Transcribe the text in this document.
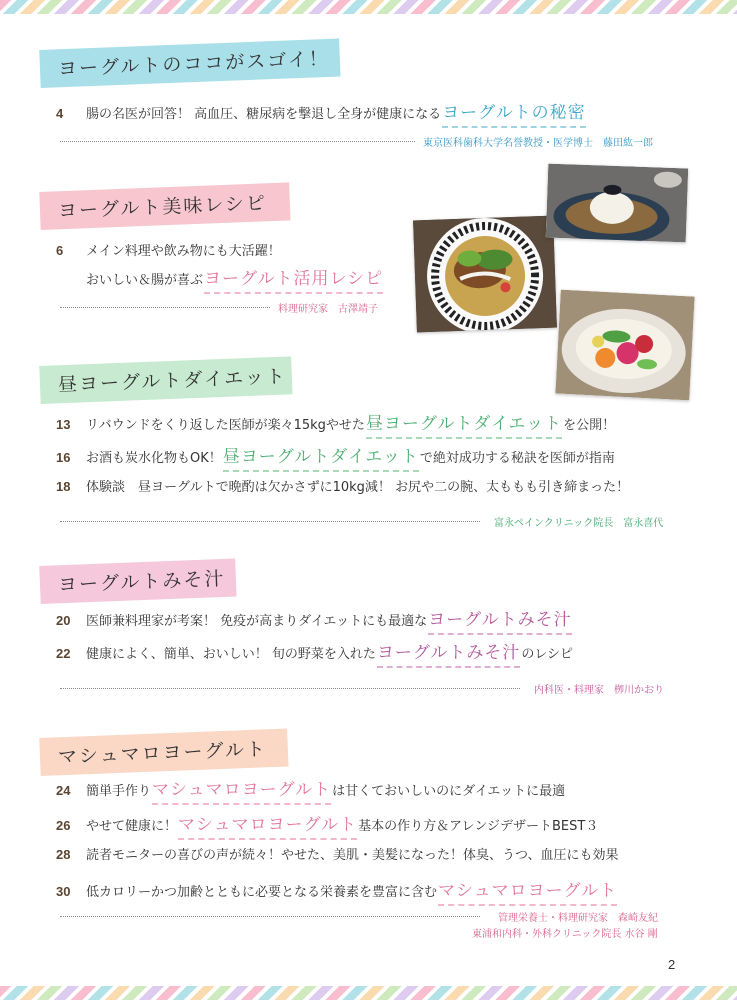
ヨーグルトのココがスゴイ！
4	腸の名医が回答！ 高血圧、糖尿病を撃退し全身が健康になる ヨーグルトの秘密
東京医科歯科大学名誉教授・医学博士　藤田紘一郎
ヨーグルト美味レシピ
6	メイン料理や飲み物にも大活躍！
おいしい＆腸が喜ぶ ヨーグルト活用レシピ
料理研究家　古澤靖子
昼ヨーグルトダイエット
13	リバウンドをくり返した医師が楽々15kgやせた 昼ヨーグルトダイエット を公開！
16	お酒も炭水化物もOK！ 昼ヨーグルトダイエット で絶対成功する秘訣を医師が指南
18	体験談　昼ヨーグルトで晩酌は欠かさずに10kg減！ お尻や二の腕、太ももも引き締まった！
富永ペインクリニック院長　富永喜代
ヨーグルトみそ汁
20	医師兼料理家が考案！ 免疫が高まりダイエットにも最適な ヨーグルトみそ汁
22	健康によく、簡単、おいしい！ 旬の野菜を入れた ヨーグルトみそ汁 のレシピ
内科医・料理家　栁川かおり
マシュマロヨーグルト
24	簡単手作り マシュマロヨーグルト は甘くておいしいのにダイエットに最適
26	やせて健康に！ マシュマロヨーグルト 基本の作り方＆アレンジデザートBEST３
28	読者モニターの喜びの声が続々！やせた、美肌・美髪になった！体臭、うつ、血圧にも効果
30	低カロリーかつ加齢とともに必要となる栄養素を豊富に含む マシュマロヨーグルト
管理栄養士・料理研究家　森崎友紀
東浦和内科・外科クリニック院長 水谷 剛
2
